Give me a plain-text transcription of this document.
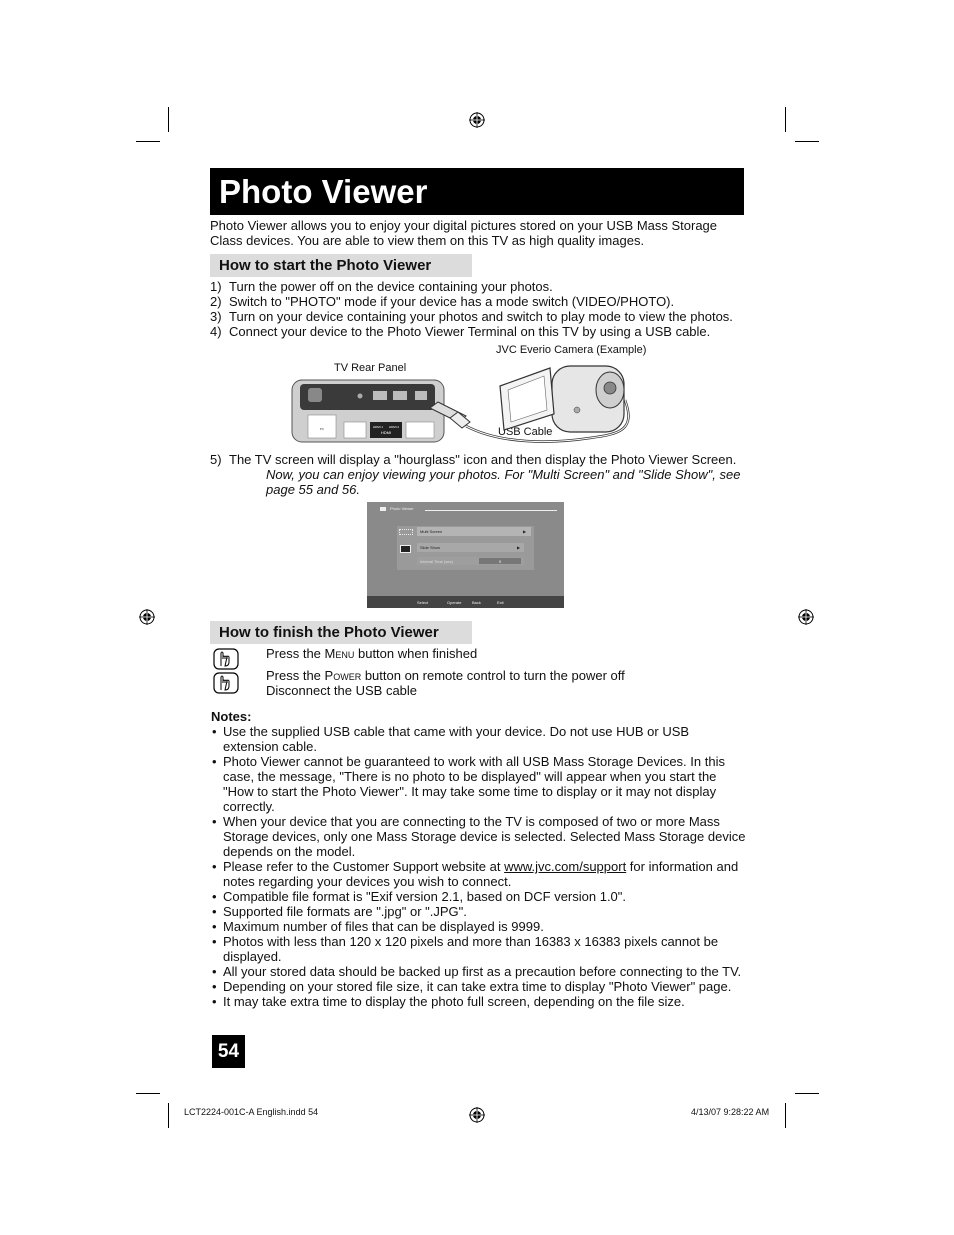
Photo Viewer
Photo Viewer allows you to enjoy your digital pictures stored on your USB Mass Storage Class devices. You are able to view them on this TV as high quality images.
How to start the Photo Viewer
1) Turn the power off on the device containing your photos.
2) Switch to "PHOTO" mode if your device has a mode switch (VIDEO/PHOTO).
3) Turn on your device containing your photos and switch to play mode to view the photos.
4) Connect your device to the Photo Viewer Terminal on this TV by using a USB cable.
JVC Everio Camera (Example)
TV Rear Panel
USB Cable
HDMI
PC	HDMI 1 HDMI 2
5) The TV screen will display a "hourglass" icon and then display the Photo Viewer Screen.
Now, you can enjoy viewing your photos. For "Multi Screen" and "Slide Show", see
page 55 and 56.
Photo Viewer
Multi Screen	▶
Slide Show	▶
Interval Time (sec)	5
Select	Operate	Back	Exit
How to finish the Photo Viewer
Press the Menu button when finished
Press the Power button on remote control to turn the power off
Disconnect the USB cable
Notes:
• Use the supplied USB cable that came with your device. Do not use HUB or USB extension cable.
• Photo Viewer cannot be guaranteed to work with all USB Mass Storage Devices. In this case, the message, "There is no photo to be displayed" will appear when you start the "How to start the Photo Viewer". It may take some time to display or it may not display correctly.
• When your device that you are connecting to the TV is composed of two or more Mass Storage devices, only one Mass Storage device is selected. Selected Mass Storage device depends on the model.
• Please refer to the Customer Support website at www.jvc.com/support for information and notes regarding your devices you wish to connect.
• Compatible file format is "Exif version 2.1, based on DCF version 1.0".
• Supported file formats are ".jpg" or ".JPG".
• Maximum number of files that can be displayed is 9999.
• Photos with less than 120 x 120 pixels and more than 16383 x 16383 pixels cannot be displayed.
• All your stored data should be backed up first as a precaution before connecting to the TV.
• Depending on your stored file size, it can take extra time to display "Photo Viewer" page.
• It may take extra time to display the photo full screen, depending on the file size.
54
LCT2224-001C-A English.indd 54	4/13/07 9:28:22 AM
